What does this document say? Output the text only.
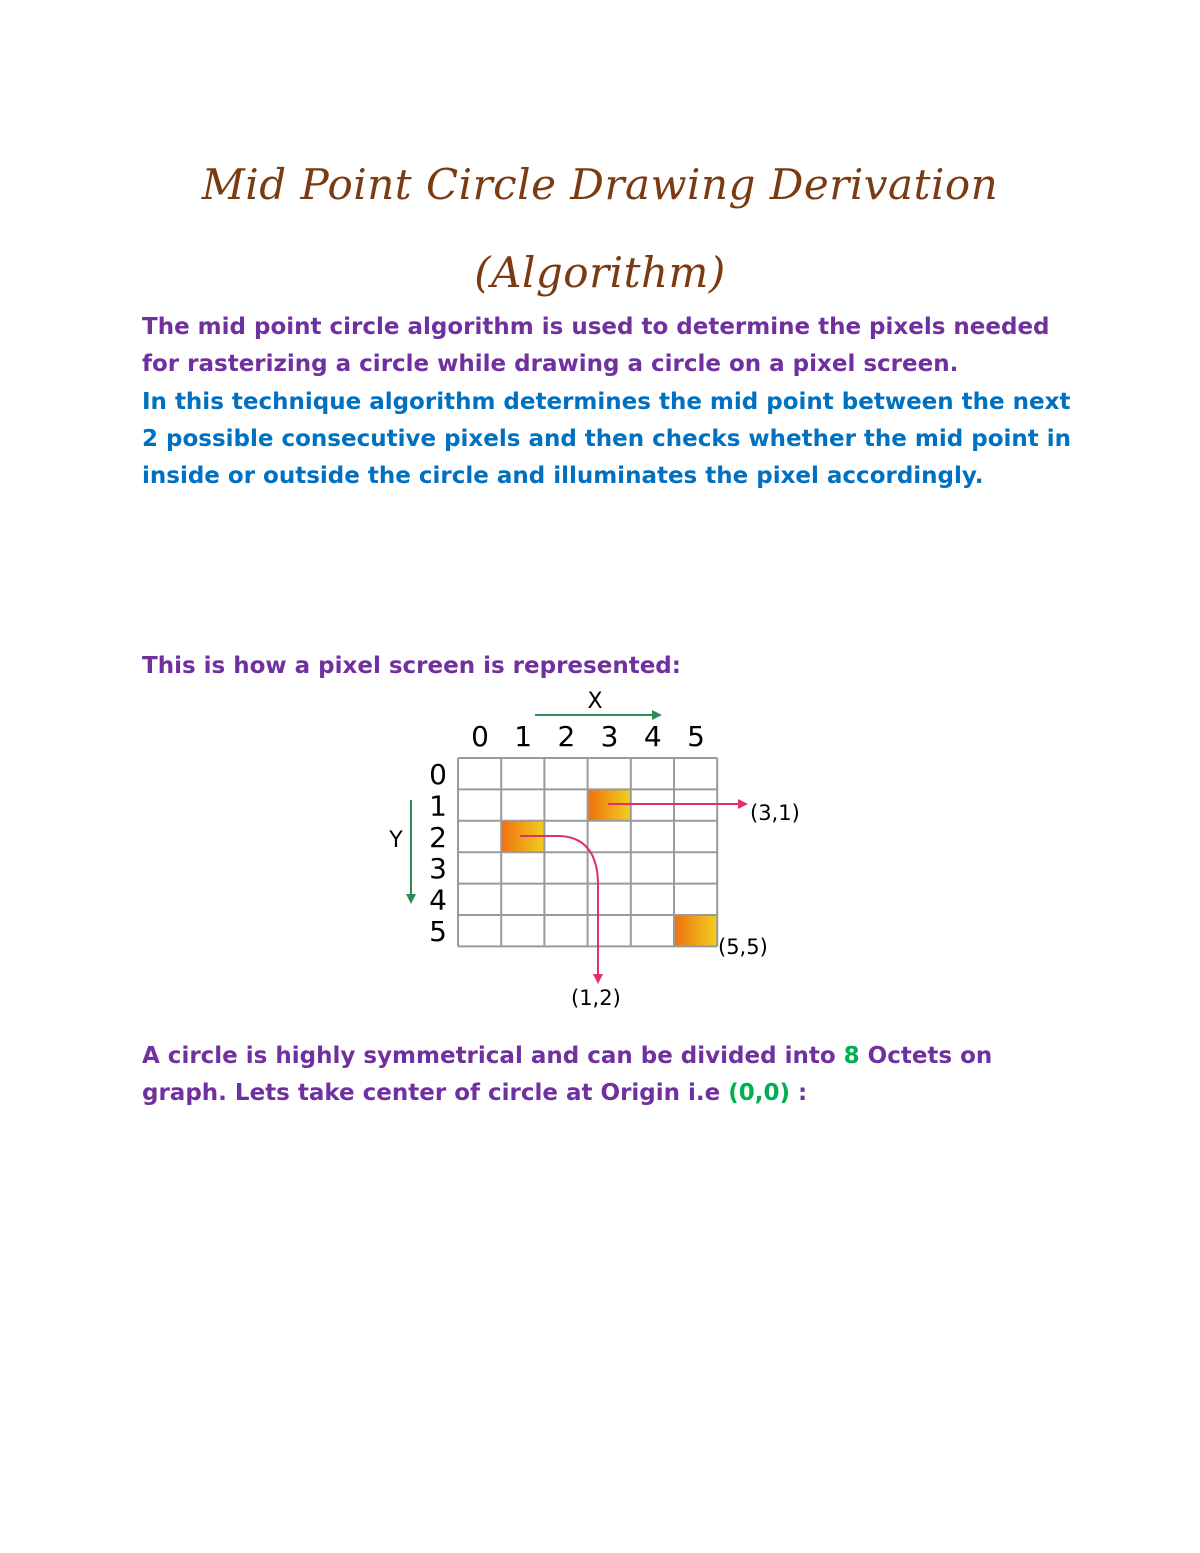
Mid Point Circle Drawing Derivation
(Algorithm)

The mid point circle algorithm is used to determine the pixels needed for rasterizing a circle while drawing a circle on a pixel screen.

In this technique algorithm determines the mid point between the next 2 possible consecutive pixels and then checks whether the mid point in inside or outside the circle and illuminates the pixel accordingly.

This is how a pixel screen is represented:

X
Y
0 1 2 3 4 5
0
1
2
3
4
5
(3,1)
(1,2)
(5,5)

A circle is highly symmetrical and can be divided into 8 Octets on graph. Lets take center of circle at Origin i.e (0,0) :
